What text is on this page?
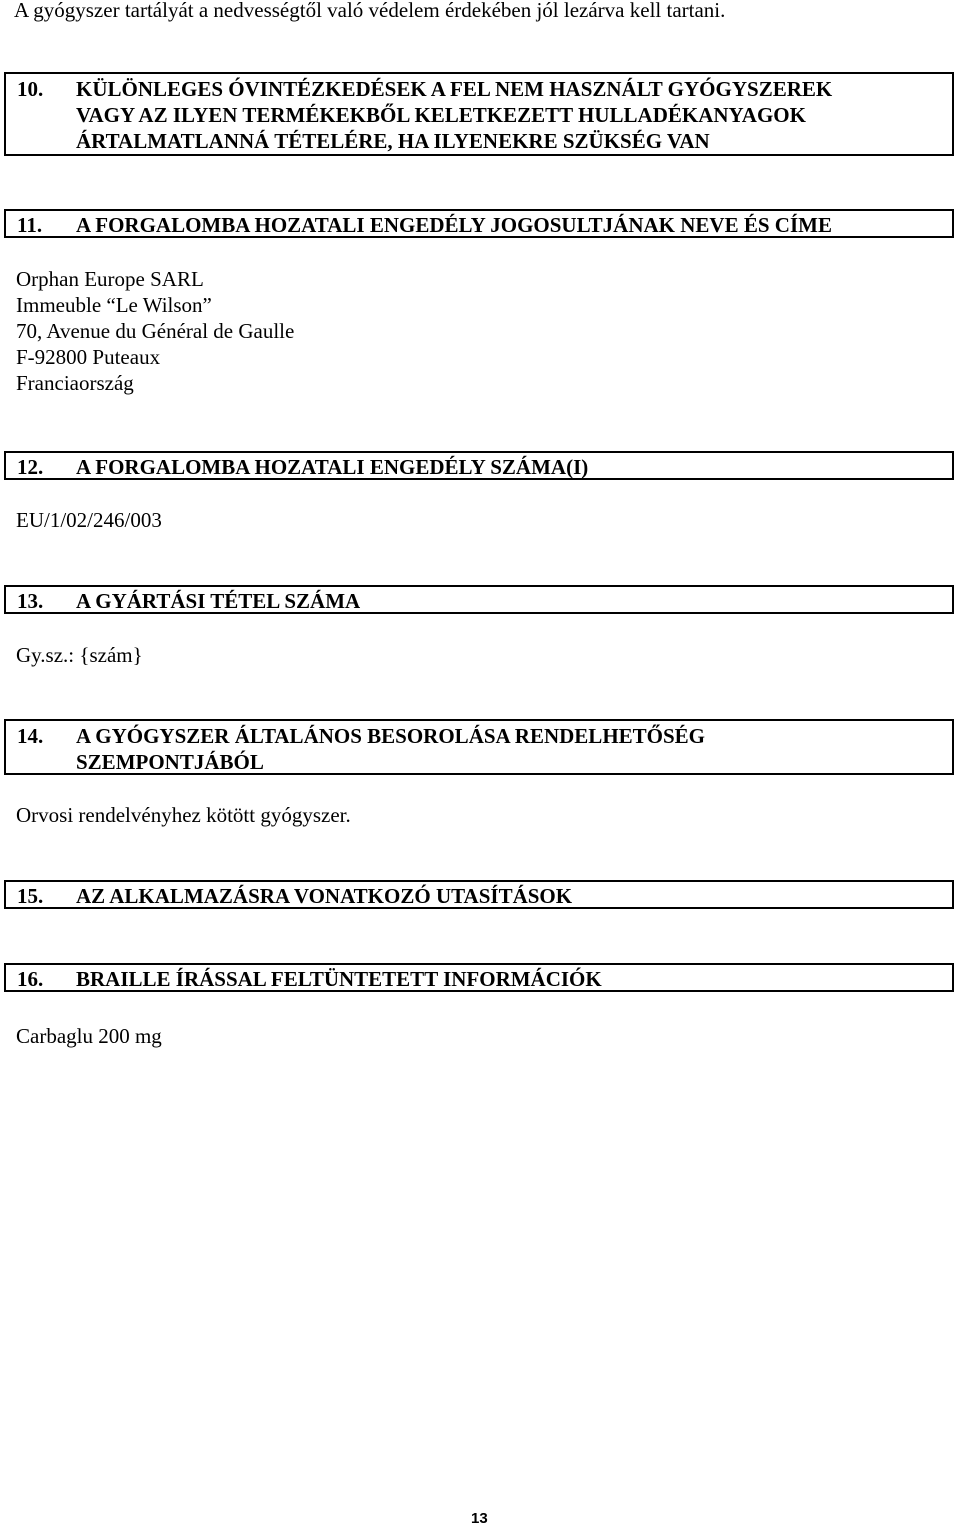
A gyógyszer tartályát a nedvességtől való védelem érdekében jól lezárva kell tartani.
10. KÜLÖNLEGES ÓVINTÉZKEDÉSEK A FEL NEM HASZNÁLT GYÓGYSZEREK
VAGY AZ ILYEN TERMÉKEKBŐL KELETKEZETT HULLADÉKANYAGOK
ÁRTALMATLANNÁ TÉTELÉRE, HA ILYENEKRE SZÜKSÉG VAN
11. A FORGALOMBA HOZATALI ENGEDÉLY JOGOSULTJÁNAK NEVE ÉS CÍME
Orphan Europe SARL
Immeuble “Le Wilson”
70, Avenue du Général de Gaulle
F-92800 Puteaux
Franciaország
12. A FORGALOMBA HOZATALI ENGEDÉLY SZÁMA(I)
EU/1/02/246/003
13. A GYÁRTÁSI TÉTEL SZÁMA
Gy.sz.: {szám}
14. A GYÓGYSZER ÁLTALÁNOS BESOROLÁSA RENDELHETŐSÉG
SZEMPONTJÁBÓL
Orvosi rendelvényhez kötött gyógyszer.
15. AZ ALKALMAZÁSRA VONATKOZÓ UTASÍTÁSOK
16. BRAILLE ÍRÁSSAL FELTÜNTETETT INFORMÁCIÓK
Carbaglu 200 mg
13
